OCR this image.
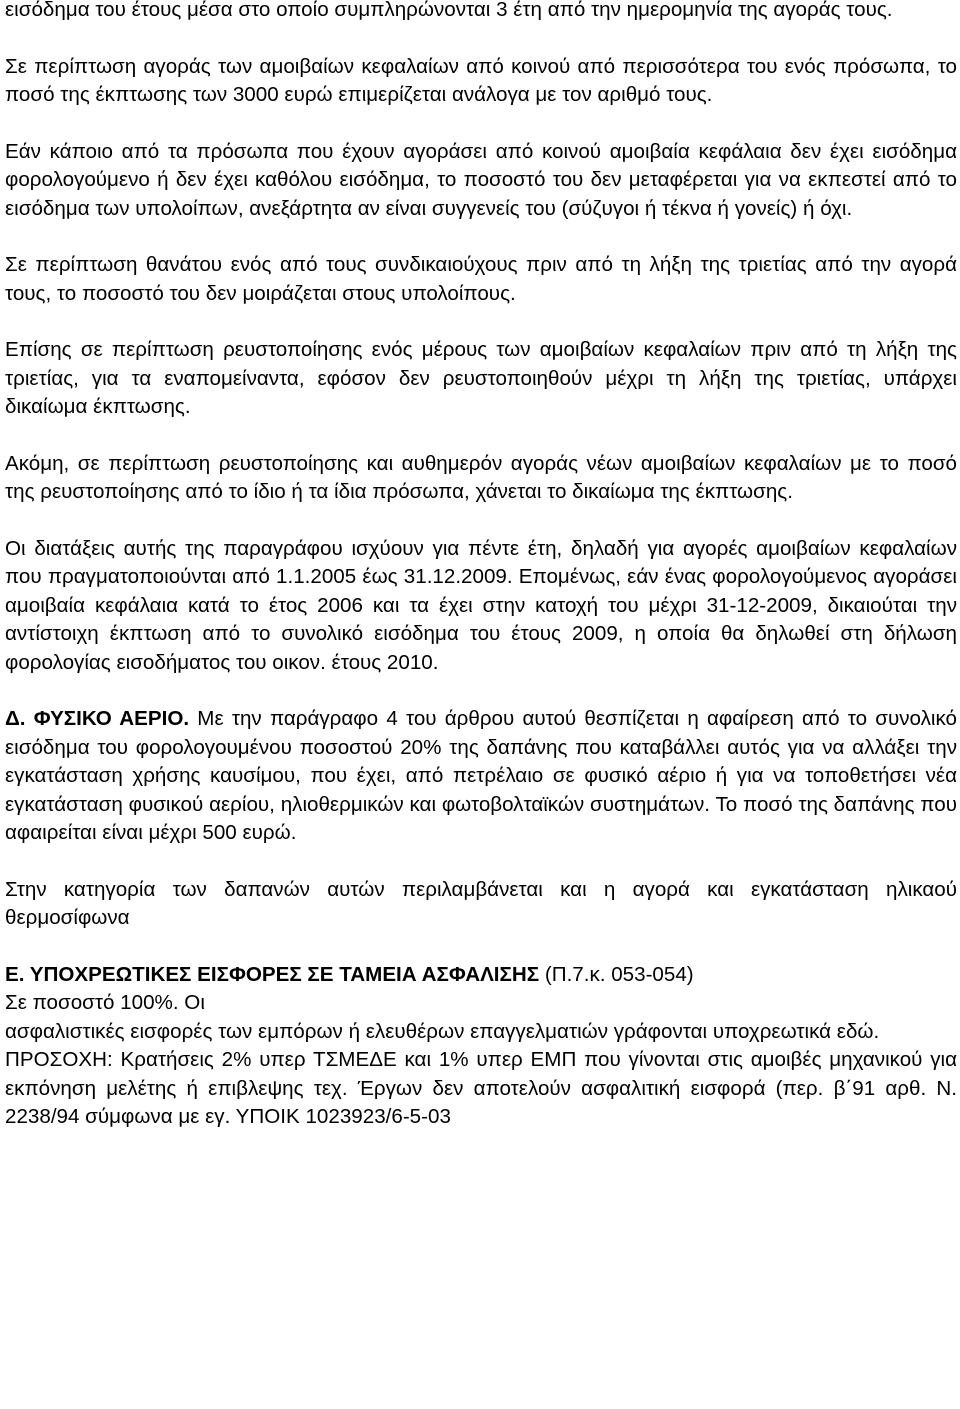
εισόδημα του έτους μέσα στο οποίο συμπληρώνονται 3 έτη από την ημερομηνία της αγοράς τους.

Σε περίπτωση αγοράς των αμοιβαίων κεφαλαίων από κοινού από περισσότερα του ενός πρόσωπα, το ποσό της έκπτωσης των 3000 ευρώ επιμερίζεται ανάλογα με τον αριθμό τους.

Εάν κάποιο από τα πρόσωπα που έχουν αγοράσει από κοινού αμοιβαία κεφάλαια δεν έχει εισόδημα φορολογούμενο ή δεν έχει καθόλου εισόδημα, το ποσοστό του δεν μεταφέρεται για να εκπεστεί από το εισόδημα των υπολοίπων, ανεξάρτητα αν είναι συγγενείς του (σύζυγοι ή τέκνα ή γονείς) ή όχι.

Σε περίπτωση θανάτου ενός από τους συνδικαιούχους πριν από τη λήξη της τριετίας από την αγορά τους, το ποσοστό του δεν μοιράζεται στους υπολοίπους.

Επίσης σε περίπτωση ρευστοποίησης ενός μέρους των αμοιβαίων κεφαλαίων πριν από τη λήξη της τριετίας, για τα εναπομείναντα, εφόσον δεν ρευστοποιηθούν μέχρι τη λήξη της τριετίας, υπάρχει δικαίωμα έκπτωσης.

Ακόμη, σε περίπτωση ρευστοποίησης και αυθημερόν αγοράς νέων αμοιβαίων κεφαλαίων με το ποσό της ρευστοποίησης από το ίδιο ή τα ίδια πρόσωπα, χάνεται το δικαίωμα της έκπτωσης.

Οι διατάξεις αυτής της παραγράφου ισχύουν για πέντε έτη, δηλαδή για αγορές αμοιβαίων κεφαλαίων που πραγματοποιούνται από 1.1.2005 έως 31.12.2009. Επομένως, εάν ένας φορολογούμενος αγοράσει αμοιβαία κεφάλαια κατά το έτος 2006 και τα έχει στην κατοχή του μέχρι 31-12-2009, δικαιούται την αντίστοιχη έκπτωση από το συνολικό εισόδημα του έτους 2009, η οποία θα δηλωθεί στη δήλωση φορολογίας εισοδήματος του οικον. έτους 2010.

Δ. ΦΥΣΙΚΟ ΑΕΡΙΟ. Με την παράγραφο 4 του άρθρου αυτού θεσπίζεται η αφαίρεση από το συνολικό εισόδημα του φορολογουμένου ποσοστού 20% της δαπάνης που καταβάλλει αυτός για να αλλάξει την εγκατάσταση χρήσης καυσίμου, που έχει, από πετρέλαιο σε φυσικό αέριο ή για να τοποθετήσει νέα εγκατάσταση φυσικού αερίου, ηλιοθερμικών και φωτοβολταϊκών συστημάτων. Το ποσό της δαπάνης που αφαιρείται είναι μέχρι 500 ευρώ.

Στην κατηγορία των δαπανών αυτών περιλαμβάνεται και η αγορά και εγκατάσταση ηλικαού θερμοσίφωνα

Ε. ΥΠΟΧΡΕΩΤΙΚΕΣ ΕΙΣΦΟΡΕΣ ΣΕ ΤΑΜΕΙΑ ΑΣΦΑΛΙΣΗΣ (Π.7.κ. 053-054)

Σε ποσοστό 100%. Οι

ασφαλιστικές εισφορές των εμπόρων ή ελευθέρων επαγγελματιών γράφονται υποχρεωτικά εδώ.

ΠΡΟΣΟΧΗ: Κρατήσεις 2% υπερ ΤΣΜΕΔΕ και 1% υπερ ΕΜΠ που γίνονται στις αμοιβές μηχανικού για εκπόνηση μελέτης ή επιβλεψης τεχ. Έργων δεν αποτελούν ασφαλιτική εισφορά (περ. β΄91 αρθ. Ν. 2238/94 σύμφωνα με εγ. ΥΠΟΙΚ 1023923/6-5-03
